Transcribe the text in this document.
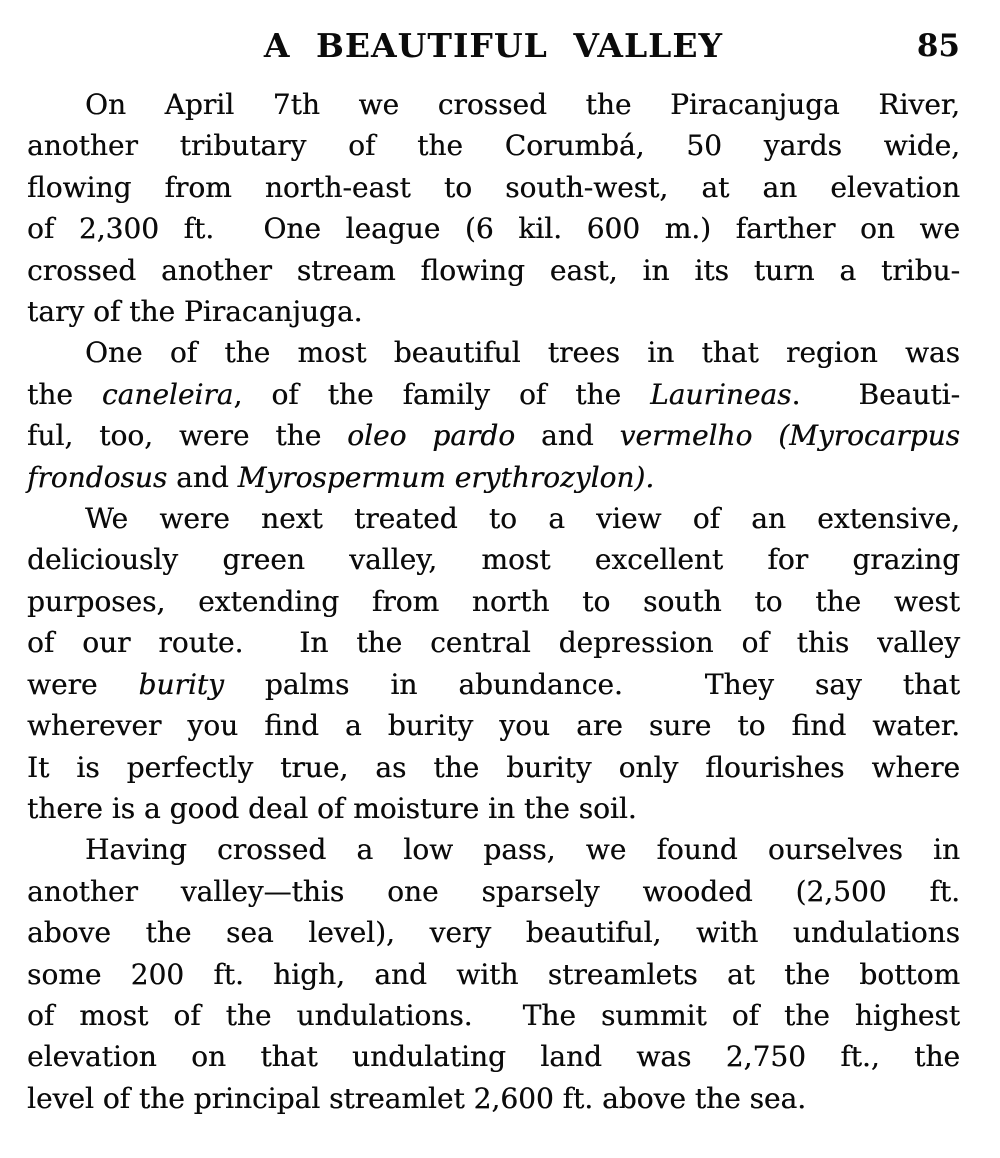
A BEAUTIFUL VALLEY	85
On April 7th we crossed the Piracanjuga River,
another tributary of the Corumbá, 50 yards wide,
flowing from north-east to south-west, at an elevation
of 2,300 ft.  One league (6 kil. 600 m.) farther on we
crossed another stream flowing east, in its turn a tribu-
tary of the Piracanjuga.
One of the most beautiful trees in that region was
the caneleira, of the family of the Laurineas.  Beauti-
ful, too, were the oleo pardo and vermelho (Myrocarpus
frondosus and Myrospermum erythrozylon).
We were next treated to a view of an extensive,
deliciously green valley, most excellent for grazing
purposes, extending from north to south to the west
of our route.  In the central depression of this valley
were burity palms in abundance.  They say that
wherever you find a burity you are sure to find water.
It is perfectly true, as the burity only flourishes where
there is a good deal of moisture in the soil.
Having crossed a low pass, we found ourselves in
another valley—this one sparsely wooded (2,500 ft.
above the sea level), very beautiful, with undulations
some 200 ft. high, and with streamlets at the bottom
of most of the undulations.  The summit of the highest
elevation on that undulating land was 2,750 ft., the
level of the principal streamlet 2,600 ft. above the sea.
